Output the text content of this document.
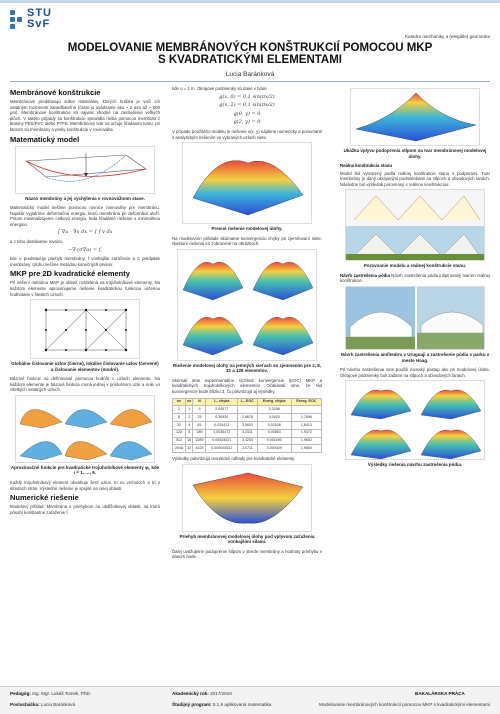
STU
SvF
Katedra mechaniky a (elegible) geometrie
MODELOVANIE MEMBRÁNOVÝCH KONŠTRUKCIÍ POMOCOU MKP
S KVADRATICKÝMI ELEMENTAMI
Lucia Baránková
Membránové konštrukcie

Membránové predstavujú súbor materiálov, ktorých hrúbka je voči ich ostatným rozmerom zanedbateľná (často ju uvádzame ako ~ 2 mm až ~ 500 μm). Membránové konštrukcie sú najviac vhodné na zastrešenie veľkých plôch. V takéto prípady sa konštrukcie spravidla riešia pomocou membrán z tkaniny PES/PVC alebo PTFE. Membránový tvar sa určuje hľadaním tvaru, pri ktorom sú membrány a prvky konštrukcie v rovnováhe.

Matematický model
Názov membrány a jej vychýlenia v rovnovážnom stave.

Matematický model riešime pomocou rovnice rovnováhy pre membránu. Najskôr vyjadríme deformačnú energiu, ktorú membrána pri deformácii uloží. Potom minimalizujeme celkovú energiu, teda hľadáme riešenie s minimálnou energiou.

∫ ∇u · ∇v dx = ∫ f v dx

a z toho dostávame rovnicu

−∇·(σ∇u) = f,

kde u predstavuje priehyb membrány, f vonkajšie zaťaženie a σ predpätie membrány. Úlohu riešime metódou konečných prvkov.

MKP pre 2D kvadratické elementy

Pri riešení metódou MKP je oblasť rozdelená na trojuholníkové elementy. Na každom elemente aproximujeme riešenie kvadratickou funkciou určenou hodnotami v šiestich uzloch.

Globálne číslovanie uzlov (čierne), lokálne číslovanie uzlov (červené) a číslovanie elementov (modré).

Bázové funkcie sú definované pomocou hodnôt v uzloch elementu. Na každom elemente je bázová funkcia rovná jednej v príslušnom uzle a nule vo všetkých ostatných uzloch.

Aproximačné funkcie pre kvadratické trojuholníkové elementy φᵢ, kde i = 1, …, 6.

Každý trojuholníkový element obsahuje šesť uzlov, tri vo vrcholoch a tri v stredoch strán. Výsledné riešenie je spojité na celej oblasti.

Numerické riešenie

Modelový príklad: Membrána s priehybom na obdĺžnikovej oblasti, na ktorú pôsobí konštantné zaťaženie f.

kde u = 1 m. Okrajové podmienky sú dané v tvare

g(x, 0) = 0,1 sin(πx/2)
g(x, 2) = 0,1 sin(πx/2)
g(0, y) = 0
g(2, y) = 0

V prípade použitého modelu je riešenie u(x, y) nájdené numericky a porovnané s analytickým riešením vo vybraných uzloch siete.

Presné riešenie modelovej úlohy.

Na modelovom príklade skúmame konvergenciu chyby pri zjemňovaní siete. Niektoré riešenia sú zobrazené na obrázkoch.

Riešenie modelovej úlohy na jemných sieťach so zjemnením pre 2, 8, 32 a 128 elementov.

Skúmali sme experimentálnu rýchlosť konvergencie (EOC) MKP a kvadratických trojuholníkových elementov. Očakávali sme, že rád konvergencie bude blízko 3, čo potvrdzujú aj výsledky.

ne	nx	N	L₂ chyba	L₂ EOC	Energ. chyba	Energ. EOC
2	1	9	2,04577		0,3258	
8	2	25	0,30530	2,8678	0,0920	1,7656
32	4	81	0,034413	3,0603	0,02538	1,8413
128	8	289	0,0036473	3,2311	0,00663	1,9372
512	16	1089	0,00034021	3,4253	0,001690	1,9652
2048	32	4225	0,000040531	3,0711	0,000429	1,9800

Výsledky potvrdzujú teoretické odhady pre kvadratické elementy.

Priehyb membránovej modelovej úlohy pod vplyvom zaťaženia vonkajšími silami.

Ďalej uvažujeme podoprenie stĺpom v strede membrány a hodnoty priehybu v danom bode.

Ukážka vplyvu podoprenia stĺpom na tvar membránovej modelovej úlohy.

Reálna konštrukcia stanu

Model bol vytvorený podľa reálnej konštrukcie stanu s podperami. Tvar membrány je daný okrajovými podmienkami na stĺpoch a obvodových lanách. Následne bol výsledok porovnaný s reálnou konštrukciou.

Porovnanie modelu a reálnej konštrukcie stanu.

Návrh zastrešenia pódia Návrh zastrešenia pódia inšpirovaný tvarom reálnej konštrukcie.

Návrh zastrešenia amfiteátru v Uruguaji a zastrešenie pódia v parku v meste Haag.

Pri návrhu zastrešenia sme použili rovnaký postup ako pri modelovej úlohe. Okrajové podmienky boli zadané na stĺpoch a obvodových lanách.

Výsledky riešenia návrhu zastrešenia pódia.
Pedagóg: Ing. Mgr. Lukáš Tomek, PhD.
Poslucháčka: Lucia Baránková
Akademický rok: 2017/2018
Študijný program: 5.1.9 aplikovaná matematika
BAKALÁRSKA PRÁCA
Modelovanie membránových konštrukcií pomocou MKP s kvadratickými elementami
